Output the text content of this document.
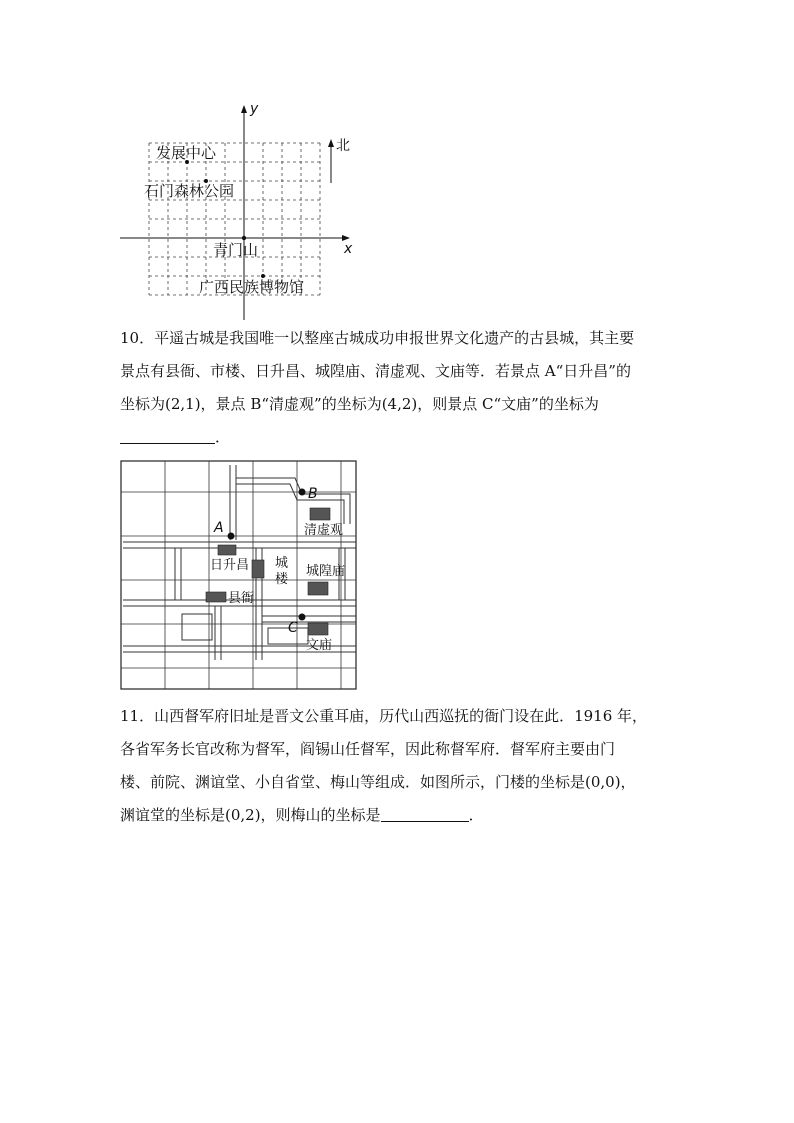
x
y
北
发展中心
石门森林公园
青门山
广西民族博物馆

10．平遥古城是我国唯一以整座古城成功申报世界文化遗产的古县城，其主要

景点有县衙、市楼、日升昌、城隍庙、清虚观、文庙等．若景点 A“日升昌”的

坐标为(2,1)，景点 B“清虚观”的坐标为(4,2)，则景点 C“文庙”的坐标为

．

A
B
C
清虚观
日升昌 城
楼
城隍庙
县衙
文庙

11．山西督军府旧址是晋文公重耳庙，历代山西巡抚的衙门设在此．1916 年，

各省军务长官改称为督军，阎锡山任督军，因此称督军府．督军府主要由门

楼、前院、渊谊堂、小自省堂、梅山等组成．如图所示，门楼的坐标是(0,0)，

渊谊堂的坐标是(0,2)，则梅山的坐标是	．
